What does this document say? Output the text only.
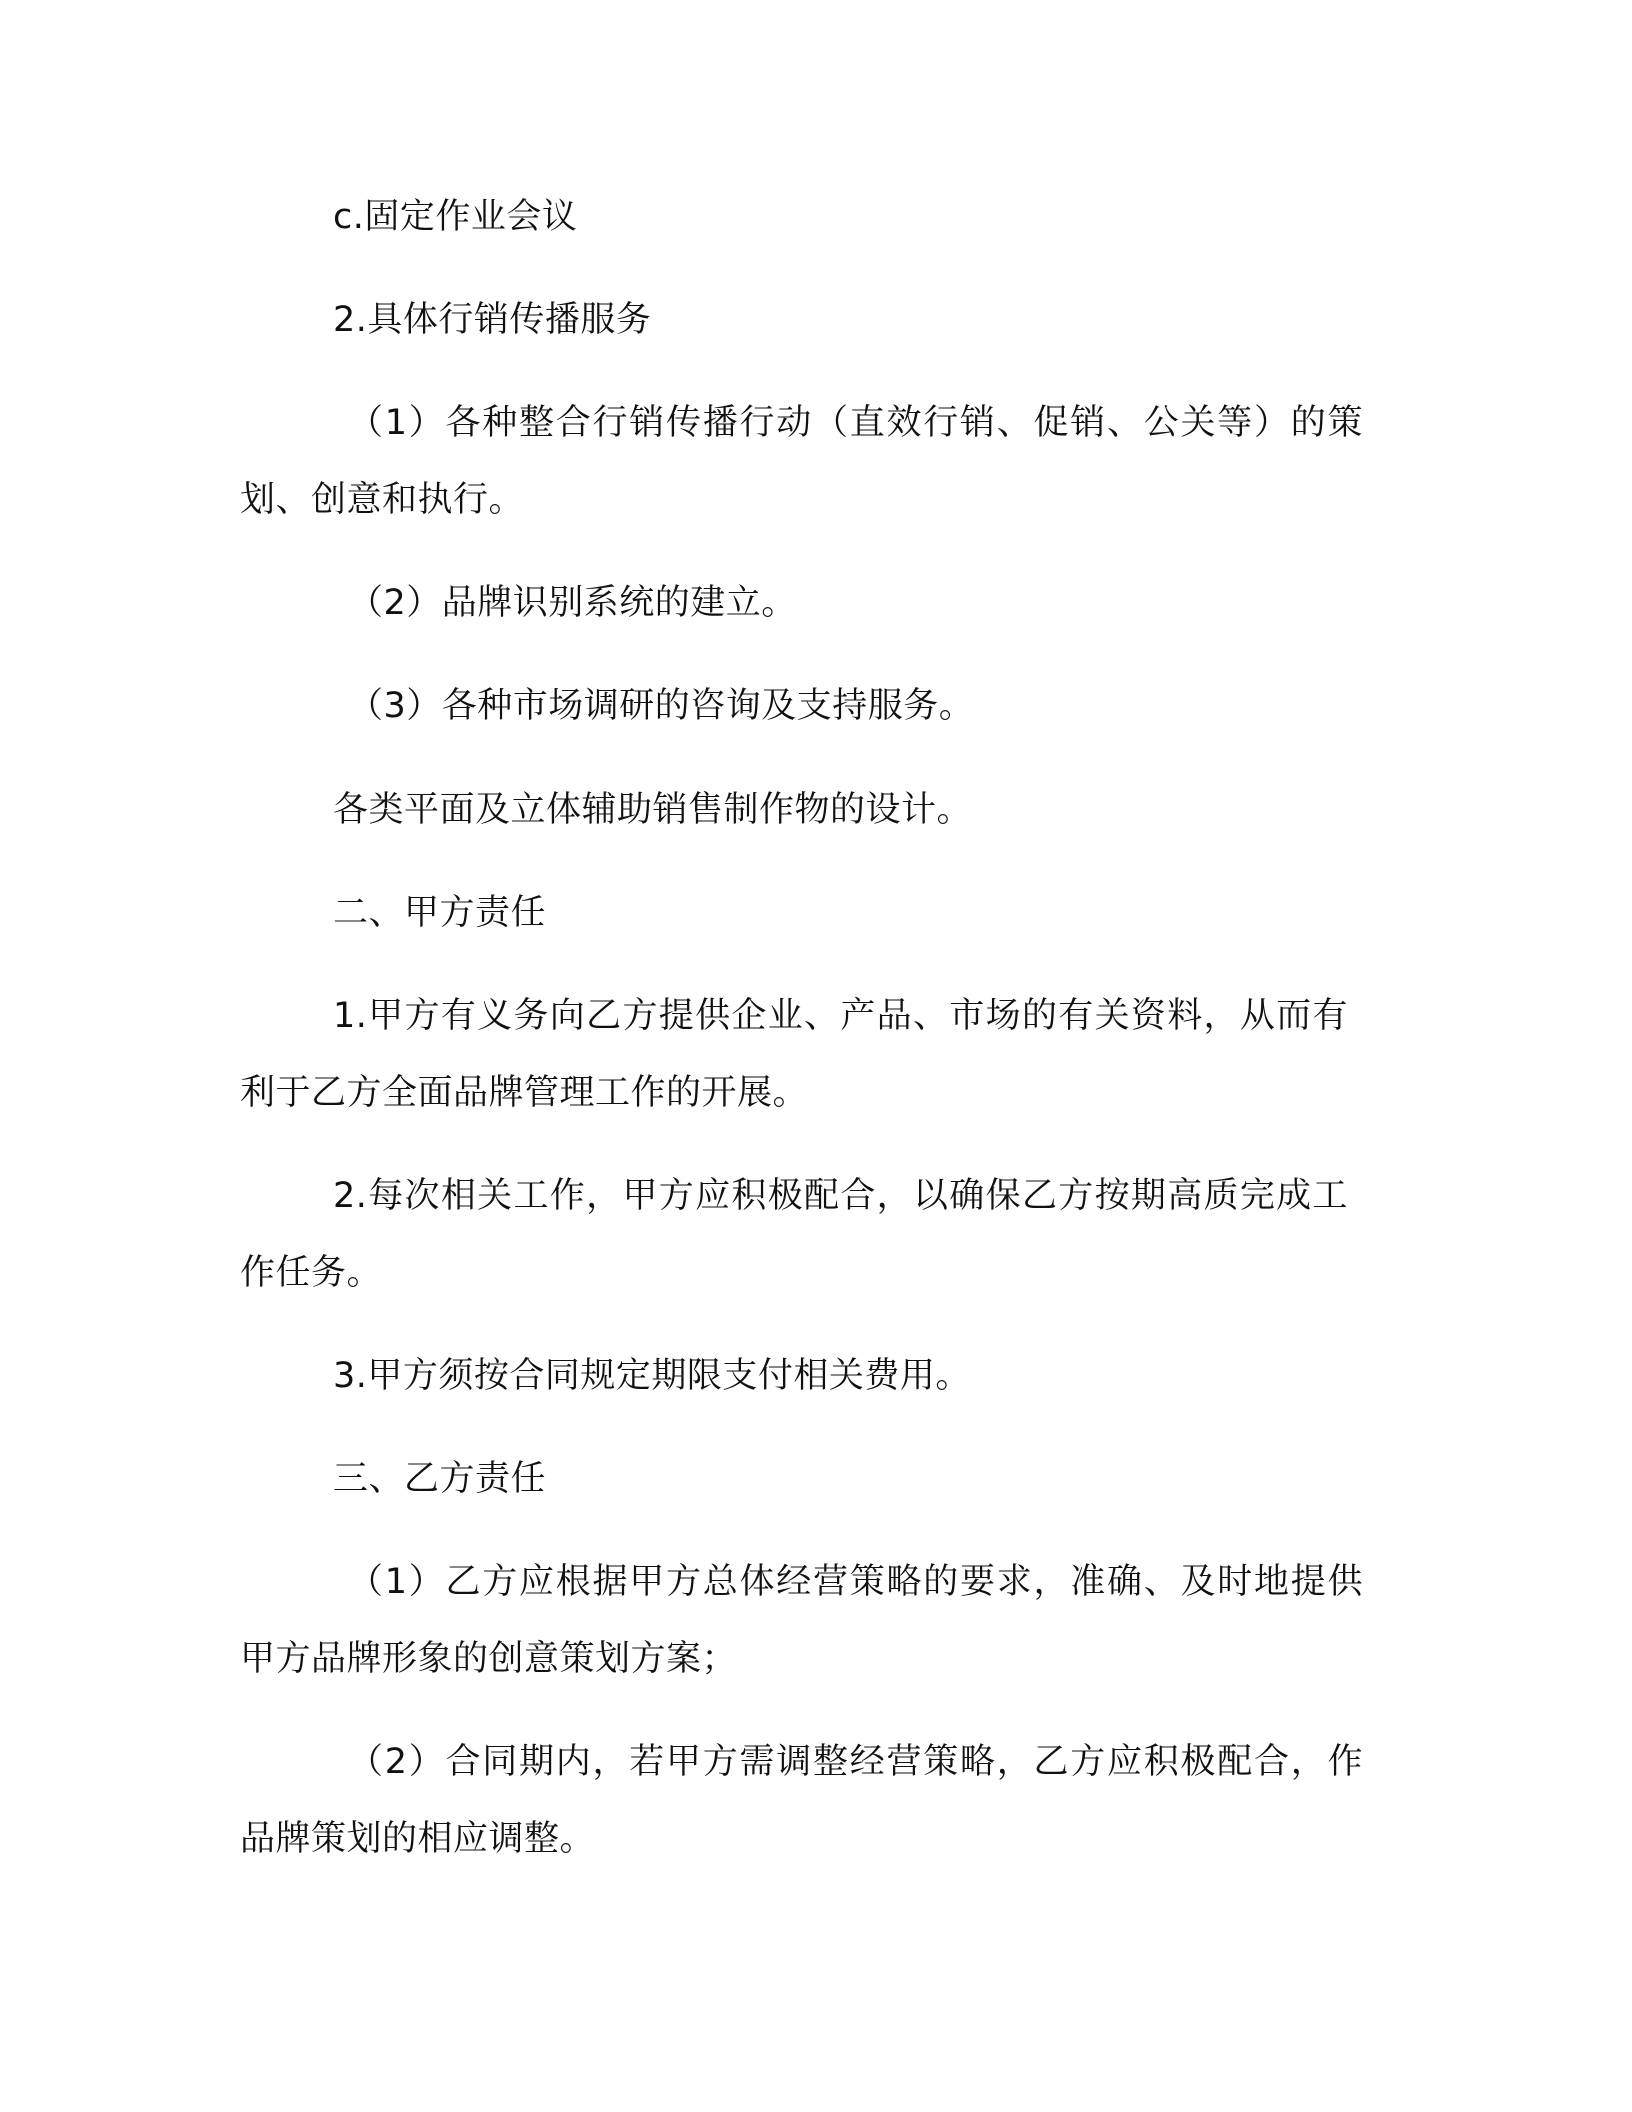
c.固定作业会议
2.具体行销传播服务
（1）各种整合行销传播行动（直效行销、促销、公关等）的策
划、创意和执行。
（2）品牌识别系统的建立。
（3）各种市场调研的咨询及支持服务。
各类平面及立体辅助销售制作物的设计。
二、甲方责任
1.甲方有义务向乙方提供企业、产品、市场的有关资料，从而有
利于乙方全面品牌管理工作的开展。
2.每次相关工作，甲方应积极配合，以确保乙方按期高质完成工
作任务。
3.甲方须按合同规定期限支付相关费用。
三、乙方责任
（1）乙方应根据甲方总体经营策略的要求，准确、及时地提供
甲方品牌形象的创意策划方案；
（2）合同期内，若甲方需调整经营策略，乙方应积极配合，作
品牌策划的相应调整。
